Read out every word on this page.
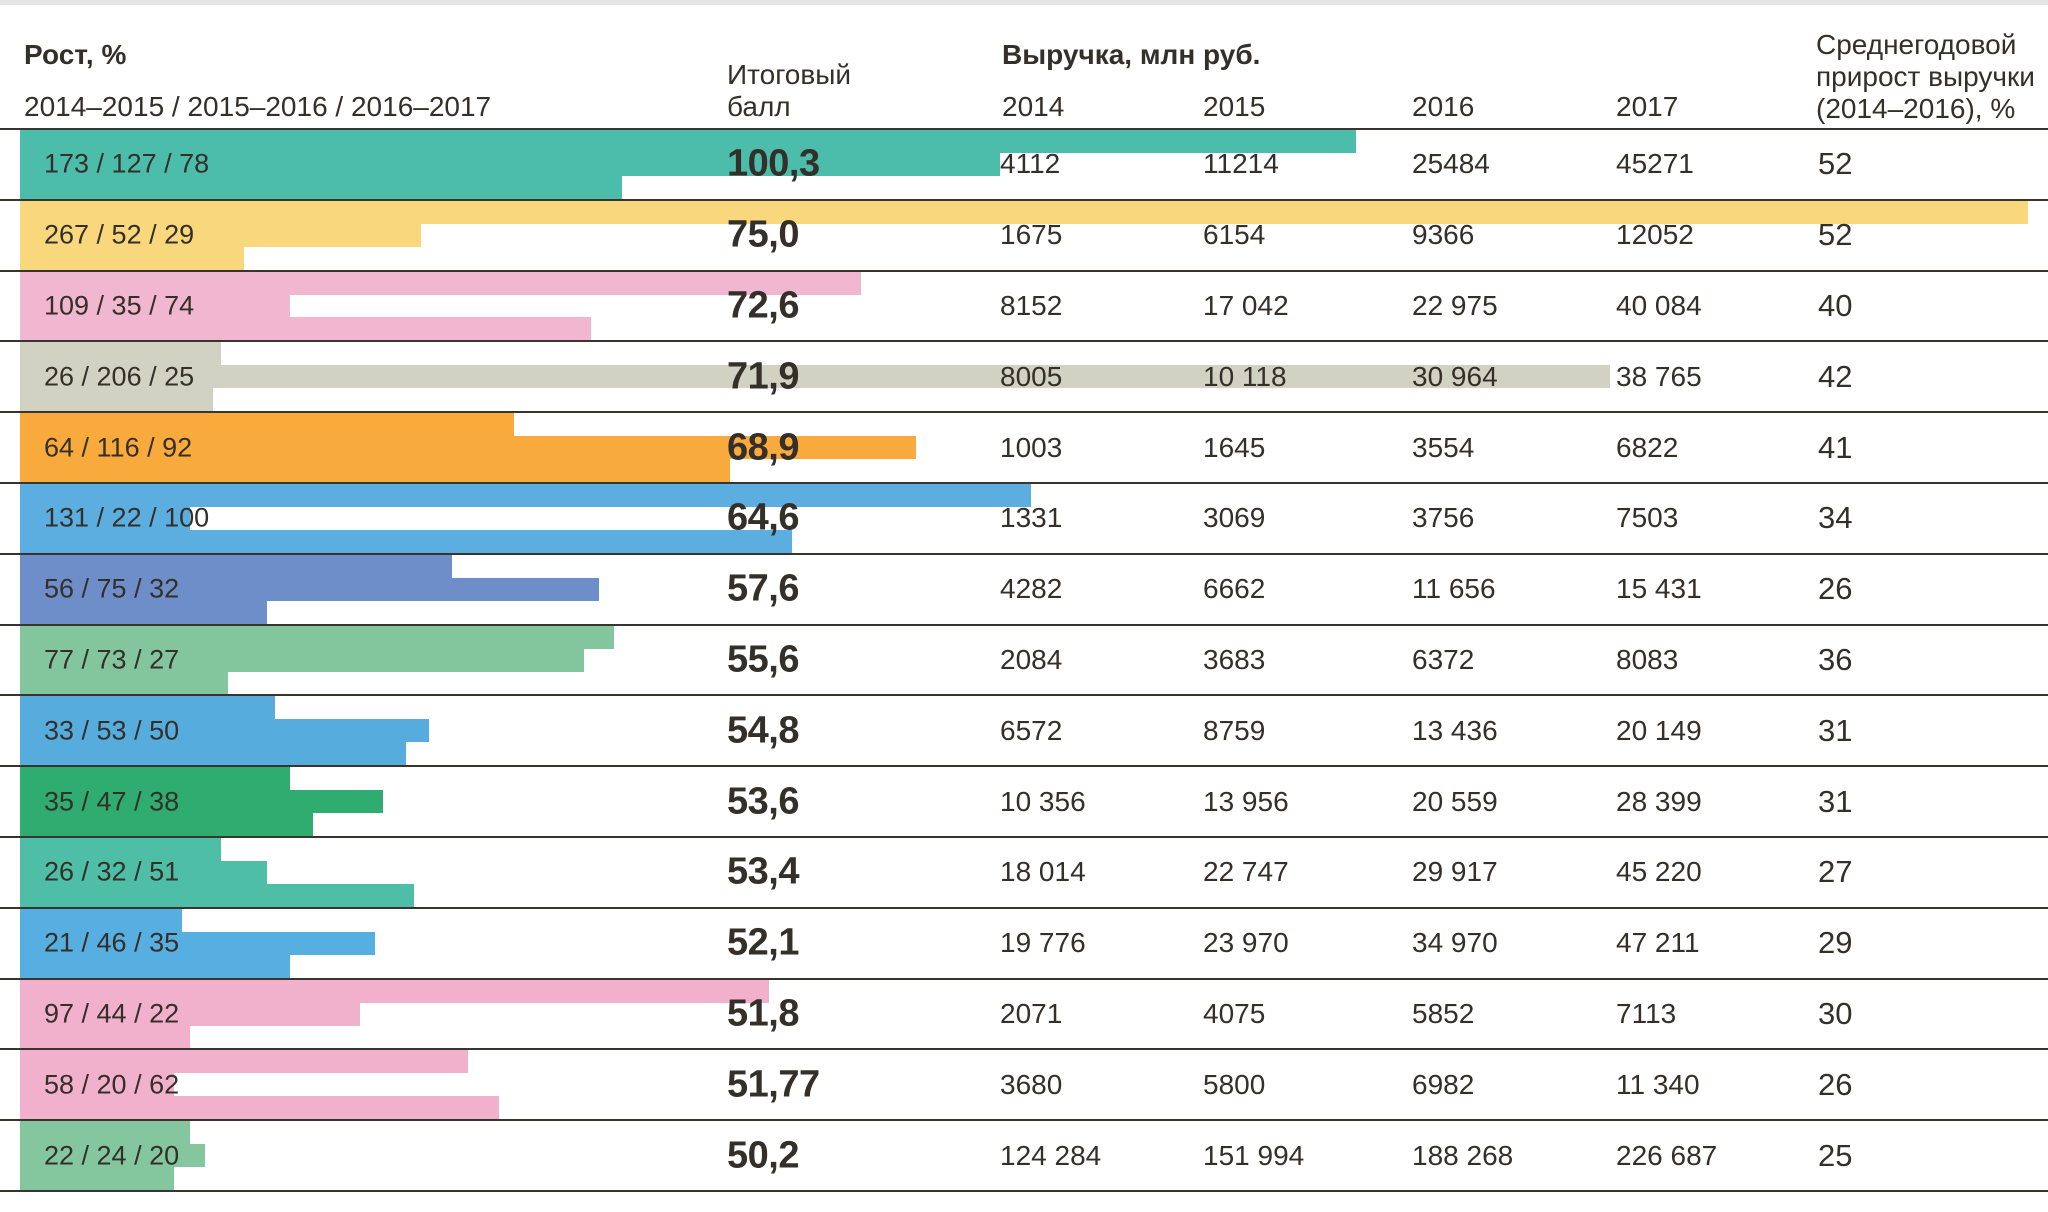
Рост, %
2014–2015 / 2015–2016 / 2016–2017
Итоговый
балл
Выручка, млн руб.
2014	2015	2016	2017
Среднегодовой
прирост выручки
(2014–2016), %
173 / 127 / 78	100,3	4112	11214	25484	45271	52
267 / 52 / 29	75,0	1675	6154	9366	12052	52
109 / 35 / 74	72,6	8152	17 042	22 975	40 084	40
26 / 206 / 25	71,9	8005	10 118	30 964	38 765	42
64 / 116 / 92	68,9	1003	1645	3554	6822	41
131 / 22 / 100	64,6	1331	3069	3756	7503	34
56 / 75 / 32	57,6	4282	6662	11 656	15 431	26
77 / 73 / 27	55,6	2084	3683	6372	8083	36
33 / 53 / 50	54,8	6572	8759	13 436	20 149	31
35 / 47 / 38	53,6	10 356	13 956	20 559	28 399	31
26 / 32 / 51	53,4	18 014	22 747	29 917	45 220	27
21 / 46 / 35	52,1	19 776	23 970	34 970	47 211	29
97 / 44 / 22	51,8	2071	4075	5852	7113	30
58 / 20 / 62	51,77	3680	5800	6982	11 340	26
22 / 24 / 20	50,2	124 284	151 994	188 268	226 687	25
